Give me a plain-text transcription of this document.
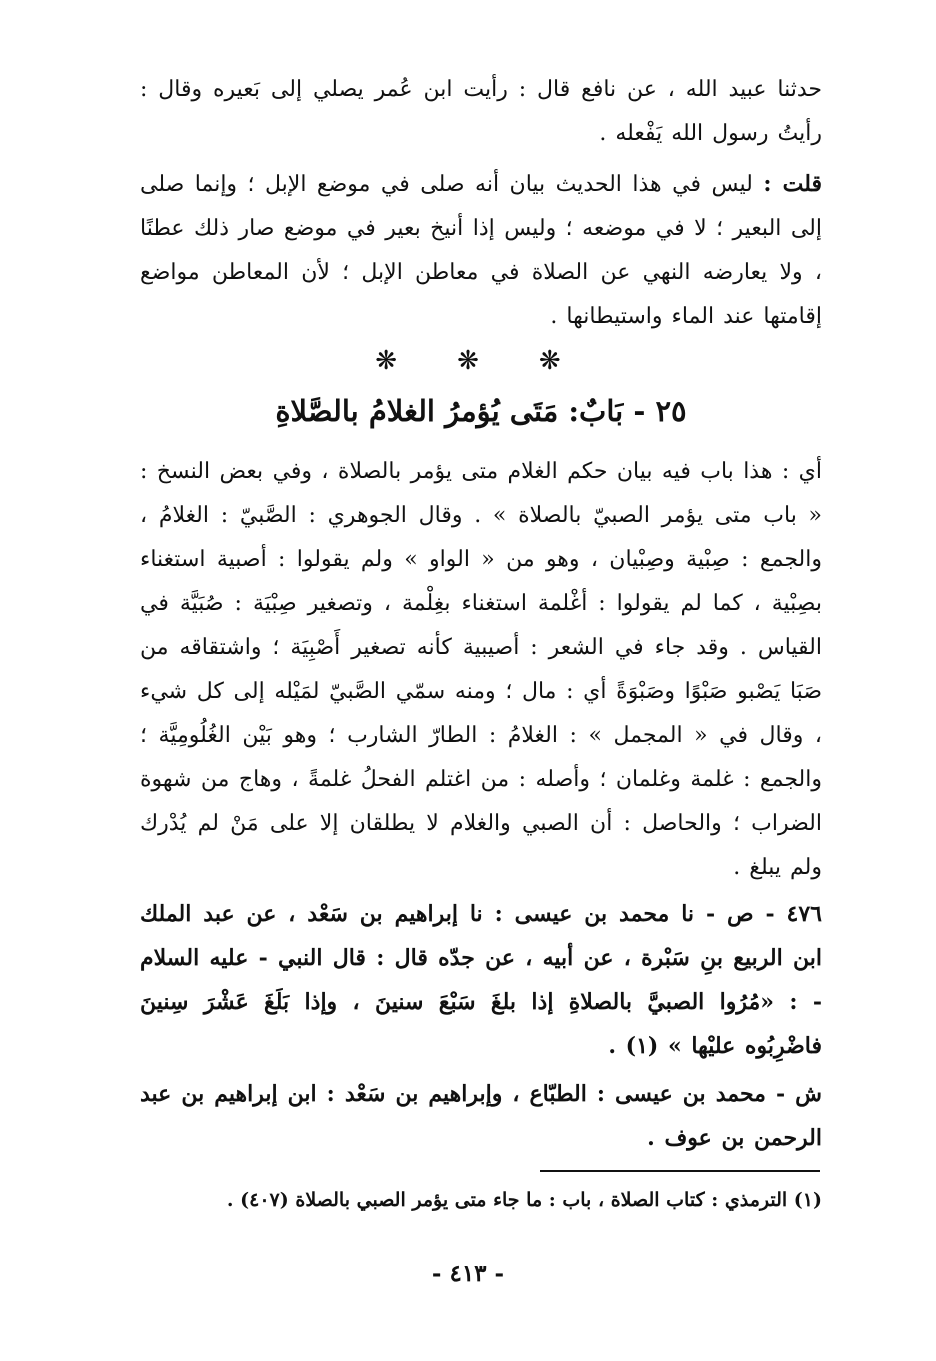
حدثنا عبيد الله ، عن نافع قال : رأيت ابن عُمر يصلي إلى بَعيره وقال : رأيتُ رسول الله يَفْعله .

قلت : ليس في هذا الحديث بيان أنه صلى في موضع الإبل ؛ وإنما صلى إلى البعير ؛ لا في موضعه ؛ وليس إذا أنيخ بعير في موضع صار ذلك عطنًا ، ولا يعارضه النهي عن الصلاة في معاطن الإبل ؛ لأن المعاطن مواضع إقامتها عند الماء واستيطانها .

❋ ❋ ❋
٢٥ - بَابٌ: مَتَى يُؤمرُ الغلامُ بالصَّلاةِ

أي : هذا باب فيه بيان حكم الغلام متى يؤمر بالصلاة ، وفي بعض النسخ : « باب متى يؤمر الصبيّ بالصلاة » . وقال الجوهري : الصَّبيّ : الغلامُ ، والجمع : صِبْية وصِبْيان ، وهو من « الواو » ولم يقولوا : أصبية استغناء بصِبْية ، كما لم يقولوا : أغْلمة استغناء بغِلْمة ، وتصغير صِبْيَة : صُبَيَّة في القياس . وقد جاء في الشعر : أصيبية كأنه تصغير أَصْبِيَة ؛ واشتقاقه من صَبَا يَصْبو صَبْوًا وصَبْوَةً أي : مال ؛ ومنه سمّي الصَّبيّ لمَيْله إلى كل شيء ، وقال في « المجمل » : الغلامُ : الطارّ الشارب ؛ وهو بَيْن الغُلُومِيَّة ؛ والجمع : غلمة وغلمان ؛ وأصله : من اغتلم الفحلُ غلمةً ، وهاج من شهوة الضراب ؛ والحاصل : أن الصبي والغلام لا يطلقان إلا على مَنْ لم يُدْرك ولم يبلغ .

٤٧٦ - ص - نا محمد بن عيسى : نا إبراهيم بن سَعْد ، عن عبد الملك ابن الربيع بنِ سَبْرة ، عن أبيه ، عن جدّه قال : قال النبي - عليه السلام - : «مُرُوا الصبيَّ بالصلاةِ إذا بلغَ سَبْعَ سنينَ ، وإذا بَلَغَ عَشْرَ سِنينَ فاضْرِبُوه عليْها » (١) .

ش - محمد بن عيسى : الطبّاع ، وإبراهيم بن سَعْد : ابن إبراهيم بن عبد الرحمن بن عوف .

(١) الترمذي : كتاب الصلاة ، باب : ما جاء متى يؤمر الصبي بالصلاة (٤٠٧) .

- ٤١٣ -
